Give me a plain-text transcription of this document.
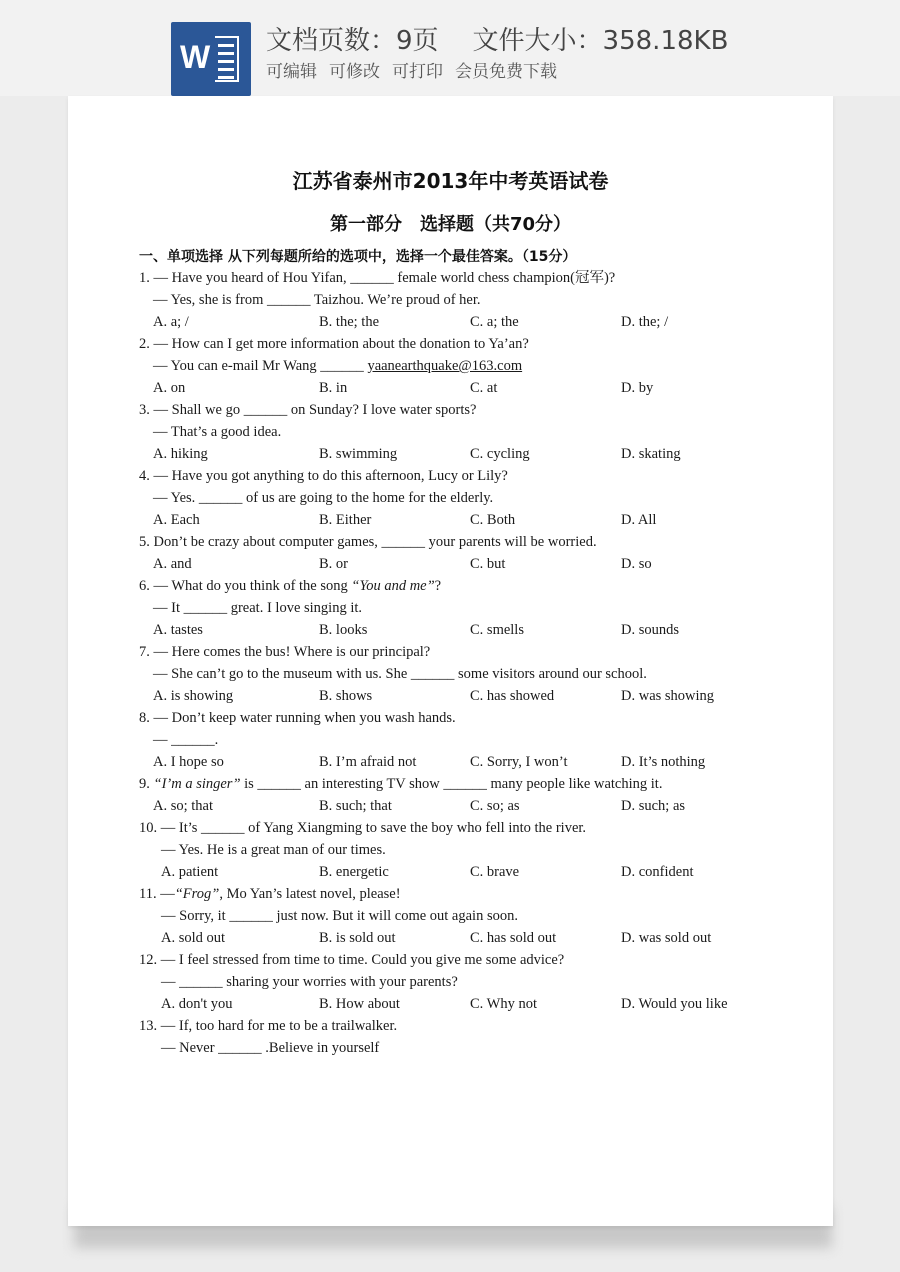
W 文档页数：9页 文件大小：358.18KB
可编辑 可修改 可打印 会员免费下载
江苏省泰州市2013年中考英语试卷
第一部分　选择题（共70分）
一、单项选择 从下列每题所给的选项中，选择一个最佳答案。（15分）
1. — Have you heard of Hou Yifan, ______ female world chess champion(冠军)?
— Yes, she is from ______ Taizhou. We’re proud of her.
A. a; /	B. the; the	C. a; the	D. the; /
2. — How can I get more information about the donation to Ya’an?
— You can e-mail Mr Wang ______ yaanearthquake@163.com
A. on	B. in	C. at	D. by
3. — Shall we go ______ on Sunday? I love water sports?
— That’s a good idea.
A. hiking	B. swimming	C. cycling	D. skating
4. — Have you got anything to do this afternoon, Lucy or Lily?
— Yes. ______ of us are going to the home for the elderly.
A. Each	B. Either	C. Both	D. All
5. Don’t be crazy about computer games, ______ your parents will be worried.
A. and	B. or	C. but	D. so
6. — What do you think of the song “You and me”?
— It ______ great. I love singing it.
A. tastes	B. looks	C. smells	D. sounds
7. — Here comes the bus! Where is our principal?
— She can’t go to the museum with us. She ______ some visitors around our school.
A. is showing	B. shows	C. has showed	D. was showing
8. — Don’t keep water running when you wash hands.
— ______.
A. I hope so	B. I’m afraid not	C. Sorry, I won’t	D. It’s nothing
9. “I’m a singer” is ______ an interesting TV show ______ many people like watching it.
A. so; that	B. such; that	C. so; as	D. such; as
10. — It’s ______ of Yang Xiangming to save the boy who fell into the river.
— Yes. He is a great man of our times.
A. patient	B. energetic	C. brave	D. confident
11. —“Frog”, Mo Yan’s latest novel, please!
— Sorry, it ______ just now. But it will come out again soon.
A. sold out	B. is sold out	C. has sold out	D. was sold out
12. — I feel stressed from time to time. Could you give me some advice?
— ______ sharing your worries with your parents?
A. don't you	B. How about	C. Why not	D. Would you like
13. — If, too hard for me to be a trailwalker.
— Never ______ .Believe in yourself
